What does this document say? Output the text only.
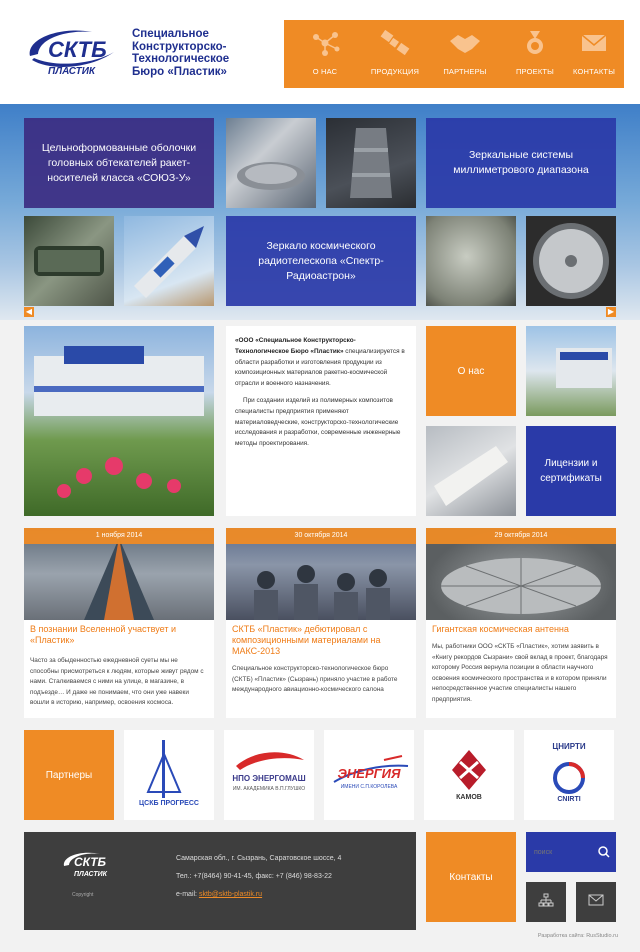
СКТБ
ПЛАСТИК
Специальное
Конструкторско-
Технологическое
Бюро «Пластик»	О НАС	ПРОДУКЦИЯ	ПАРТНЕРЫ	ПРОЕКТЫ	КОНТАКТЫ
Цельноформованные оболочки головных обтекателей ракет-носителей класса «СОЮЗ-У»
Зеркальные системы миллиметрового диапазона
Зеркало космического радиотелескопа «Спектр-Радиоастрон»
◀	▶

«ООО «Специальное Конструкторско-Технологическое Бюро «Пластик» специализируется в области разработки и изготовления продукции из композиционных материалов ракетно-космической отрасли и военного назначения.

При создании изделий из полимерных композитов специалисты предприятия применяют материаловедческие, конструкторско-технологические исследования и разработки, современные инженерные методы проектирования.

О нас
Лицензии и сертификаты
1 ноября 2014
В познании Вселенной участвует и «Пластик»
Часто за обыденностью ежедневной суеты мы не способны присмотреться к людям, которые живут рядом с нами. Сталкиваемся с ними на улице, в магазине, в подъезде… И даже не понимаем, что они уже навеки вошли в историю, например, освоения космоса.
30 октября 2014
СКТБ «Пластик» дебютировал с композиционными материалами на МАКС-2013
Специальное конструкторско-технологическое бюро (СКТБ) «Пластик» (Сызрань) приняло участие в работе международного авиационно-космического салона
29 октября 2014
Гигантская космическая антенна
Мы, работники ООО «СКТБ «Пластик», хотим заявить в «Книгу рекордов Сызрани» свой вклад в проект, благодаря которому Россия вернула позиции в области научного освоения космического пространства и в котором приняли непосредственное участие специалисты нашего предприятия.
Партнеры
ЦСКБ ПРОГРЕСС
НПО ЭНЕРГОМАШ
ИМ. АКАДЕМИКА В.П.ГЛУШКО
ЭНЕРГИЯ
ИМЕНИ С.П.КОРОЛЕВА
КАМОВ
ЦНИРТИ
CNIRTI
СКТБ
ПЛАСТИК
Copyright
Самарская обл., г. Сызрань, Саратовское шоссе, 4
Тел.: +7(8464) 90-41-45, факс: +7 (846) 98-83-22
e-mail: sktb@sktb-plastik.ru
Контакты
поиск
Разработка сайта: RusStudio.ru
